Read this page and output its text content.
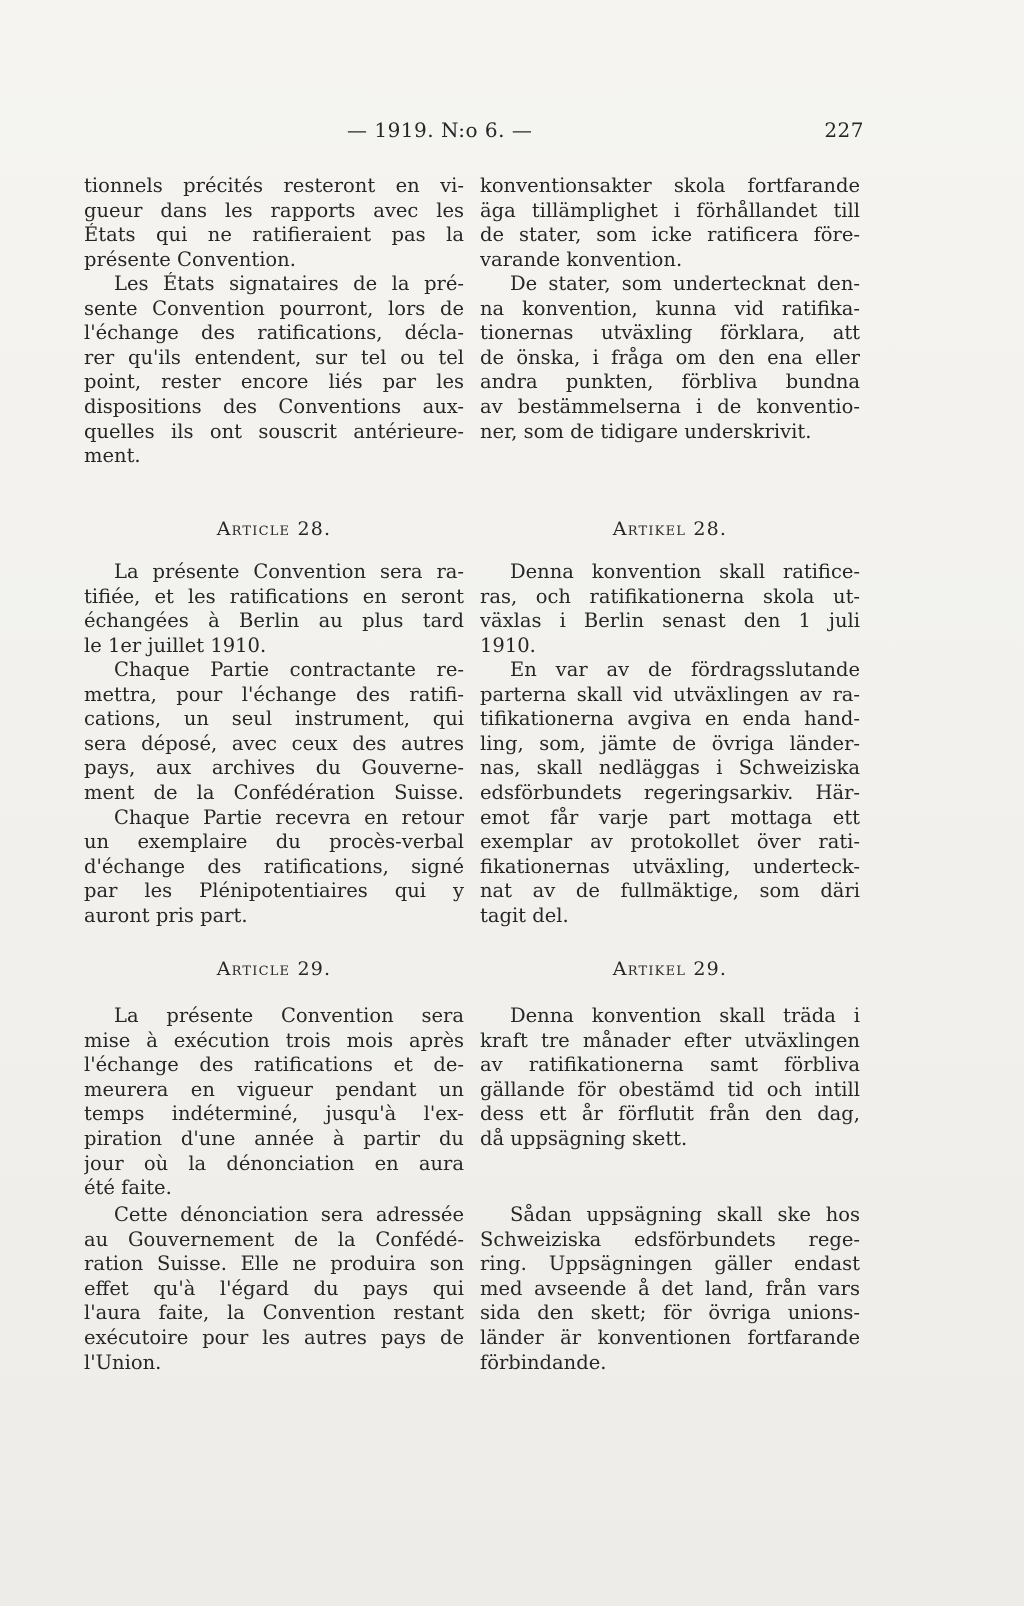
— 1919. N:o 6. —	227
tionnels précités resteront en vi-
gueur dans les rapports avec les
États qui ne ratifieraient pas la
présente Convention.
Les États signataires de la pré-
sente Convention pourront, lors de
l'échange des ratifications, décla-
rer qu'ils entendent, sur tel ou tel
point, rester encore liés par les
dispositions des Conventions aux-
quelles ils ont souscrit antérieure-
ment.
Article 28.
La présente Convention sera ra-
tifiée, et les ratifications en seront
échangées à Berlin au plus tard
le 1er juillet 1910.
Chaque Partie contractante re-
mettra, pour l'échange des ratifi-
cations, un seul instrument, qui
sera déposé, avec ceux des autres
pays, aux archives du Gouverne-
ment de la Confédération Suisse.
Chaque Partie recevra en retour
un exemplaire du procès-verbal
d'échange des ratifications, signé
par les Plénipotentiaires qui y
auront pris part.
Article 29.
La présente Convention sera
mise à exécution trois mois après
l'échange des ratifications et de-
meurera en vigueur pendant un
temps indéterminé, jusqu'à l'ex-
piration d'une année à partir du
jour où la dénonciation en aura
été faite.
Cette dénonciation sera adressée
au Gouvernement de la Confédé-
ration Suisse. Elle ne produira son
effet qu'à l'égard du pays qui
l'aura faite, la Convention restant
exécutoire pour les autres pays de
l'Union.
konventionsakter skola fortfarande
äga tillämplighet i förhållandet till
de stater, som icke ratificera före-
varande konvention.
De stater, som undertecknat den-
na konvention, kunna vid ratifika-
tionernas utväxling förklara, att
de önska, i fråga om den ena eller
andra punkten, förbliva bundna
av bestämmelserna i de konventio-
ner, som de tidigare underskrivit.
Artikel 28.
Denna konvention skall ratifice-
ras, och ratifikationerna skola ut-
växlas i Berlin senast den 1 juli
1910.
En var av de fördragsslutande
parterna skall vid utväxlingen av ra-
tifikationerna avgiva en enda hand-
ling, som, jämte de övriga länder-
nas, skall nedläggas i Schweiziska
edsförbundets regeringsarkiv. Här-
emot får varje part mottaga ett
exemplar av protokollet över rati-
fikationernas utväxling, underteck-
nat av de fullmäktige, som däri
tagit del.
Artikel 29.
Denna konvention skall träda i
kraft tre månader efter utväxlingen
av ratifikationerna samt förbliva
gällande för obestämd tid och intill
dess ett år förflutit från den dag,
då uppsägning skett.
Sådan uppsägning skall ske hos
Schweiziska edsförbundets rege-
ring. Uppsägningen gäller endast
med avseende å det land, från vars
sida den skett; för övriga unions-
länder är konventionen fortfarande
förbindande.
